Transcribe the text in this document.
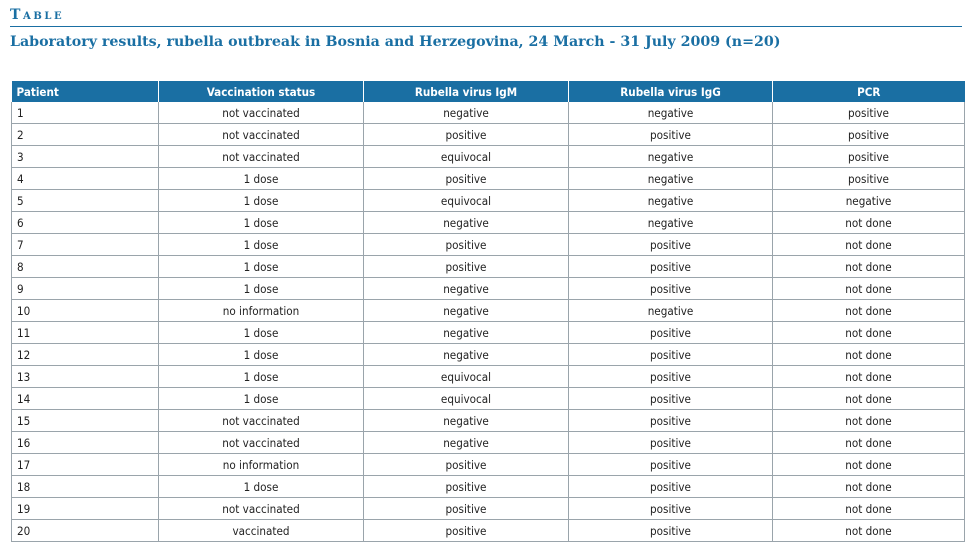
Table
Laboratory results, rubella outbreak in Bosnia and Herzegovina, 24 March - 31 July 2009 (n=20)
Patient	Vaccination status	Rubella virus IgM	Rubella virus IgG	PCR
1	not vaccinated	negative	negative	positive
2	not vaccinated	positive	positive	positive
3	not vaccinated	equivocal	negative	positive
4	1 dose	positive	negative	positive
5	1 dose	equivocal	negative	negative
6	1 dose	negative	negative	not done
7	1 dose	positive	positive	not done
8	1 dose	positive	positive	not done
9	1 dose	negative	positive	not done
10	no information	negative	negative	not done
11	1 dose	negative	positive	not done
12	1 dose	negative	positive	not done
13	1 dose	equivocal	positive	not done
14	1 dose	equivocal	positive	not done
15	not vaccinated	negative	positive	not done
16	not vaccinated	negative	positive	not done
17	no information	positive	positive	not done
18	1 dose	positive	positive	not done
19	not vaccinated	positive	positive	not done
20	vaccinated	positive	positive	not done
